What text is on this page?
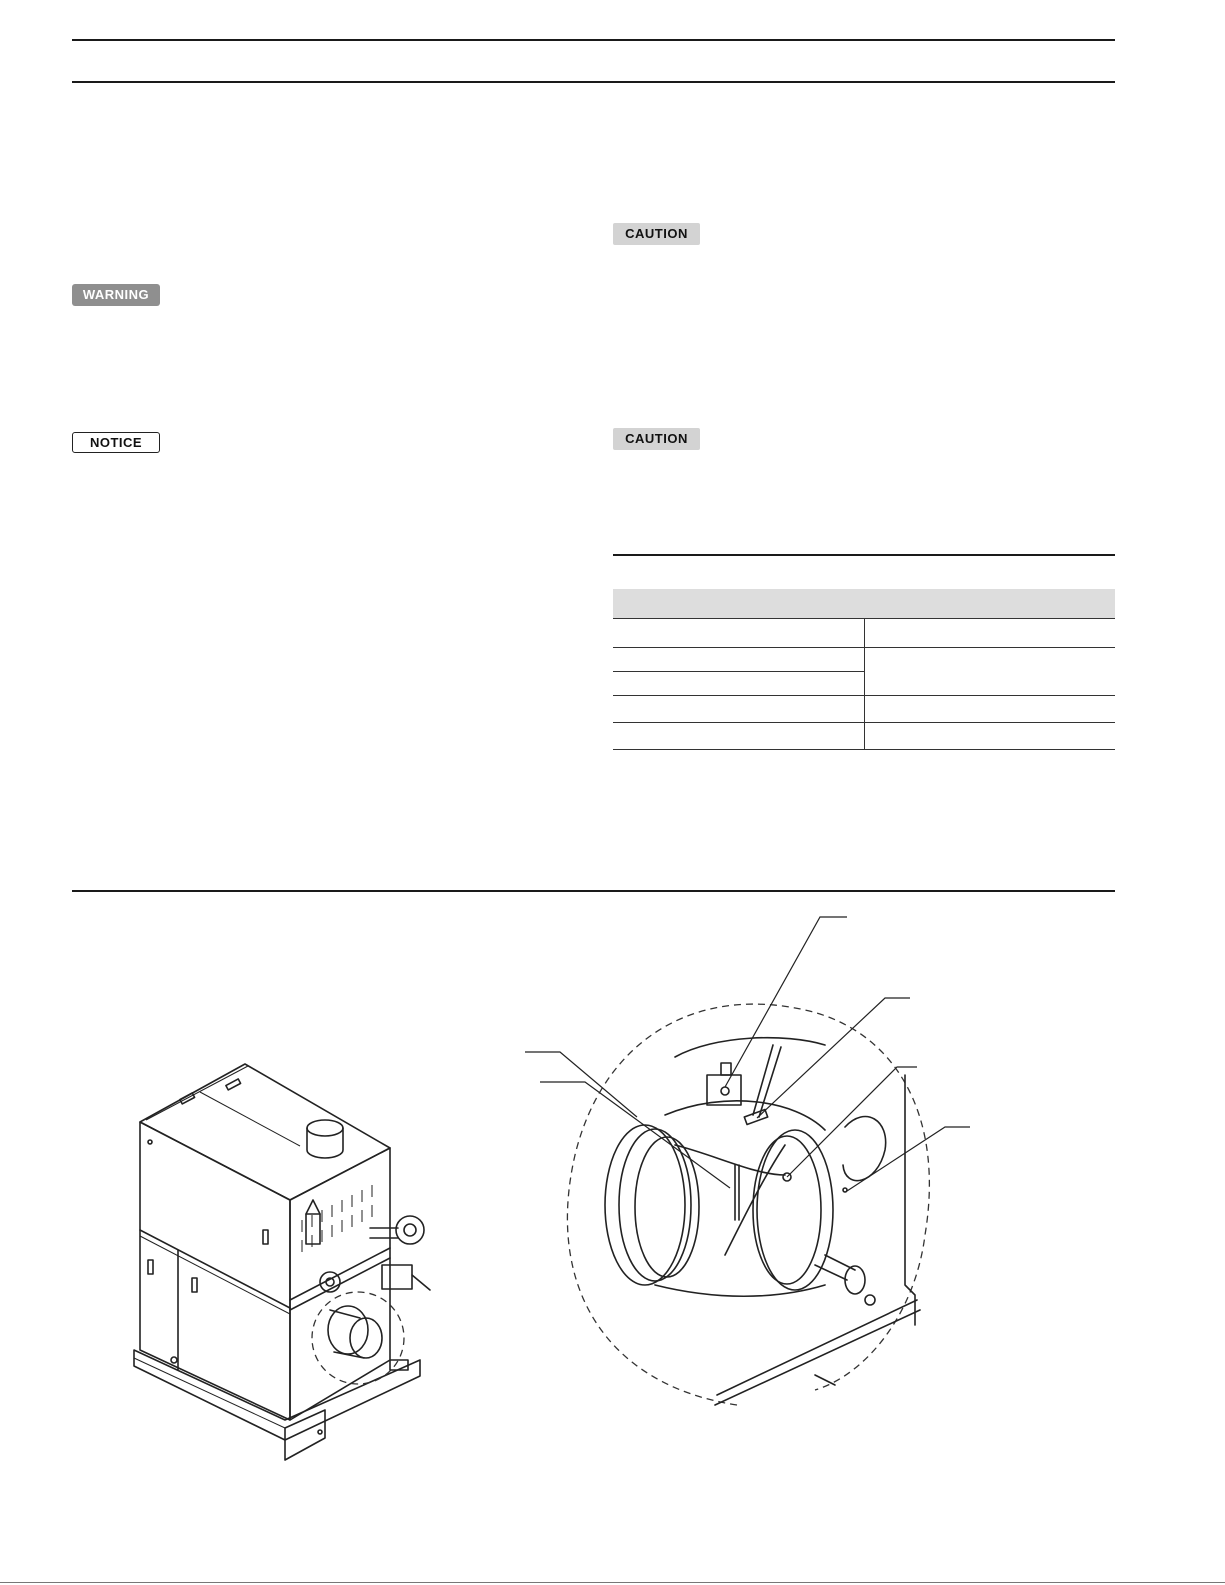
WARNING
NOTICE
CAUTION
CAUTION
